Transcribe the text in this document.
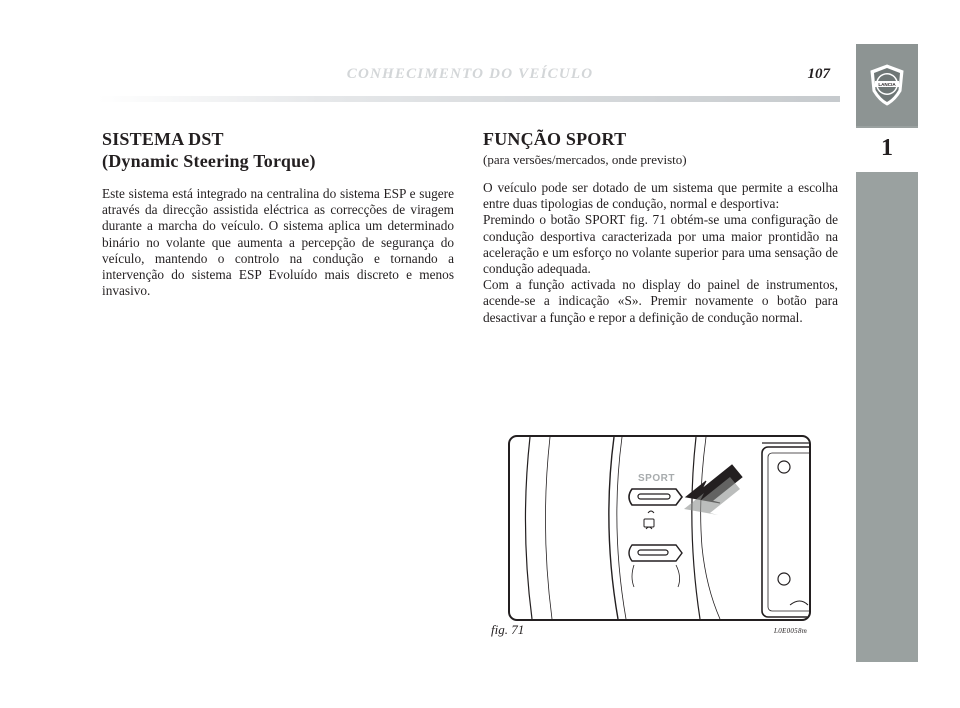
CONHECIMENTO DO VEÍCULO	107
LANCIA
1
SISTEMA DST
(Dynamic Steering Torque)

Este sistema está integrado na centralina do sistema ESP e sugere através da direcção assistida eléctrica as correcções de viragem durante a marcha do veículo. O sistema aplica um determinado binário no volante que aumenta a percepção de segurança do veículo, mantendo o controlo na condução e tornando a intervenção do sistema ESP Evoluído mais discreto e menos invasivo.

FUNÇÃO SPORT
(para versões/mercados, onde previsto)

O veículo pode ser dotado de um sistema que permite a escolha entre duas tipologias de condução, normal e desportiva:

Premindo o botão SPORT fig. 71 obtém-se uma configuração de condução desportiva caracterizada por uma maior prontidão na aceleração e um esforço no volante superior para uma sensação de condução adequada.

Com a função activada no display do painel de instrumentos, acende-se a indicação «S». Premir novamente o botão para desactivar a função e repor a definição de condução normal.

SPORT
fig. 71	L0E0058m
